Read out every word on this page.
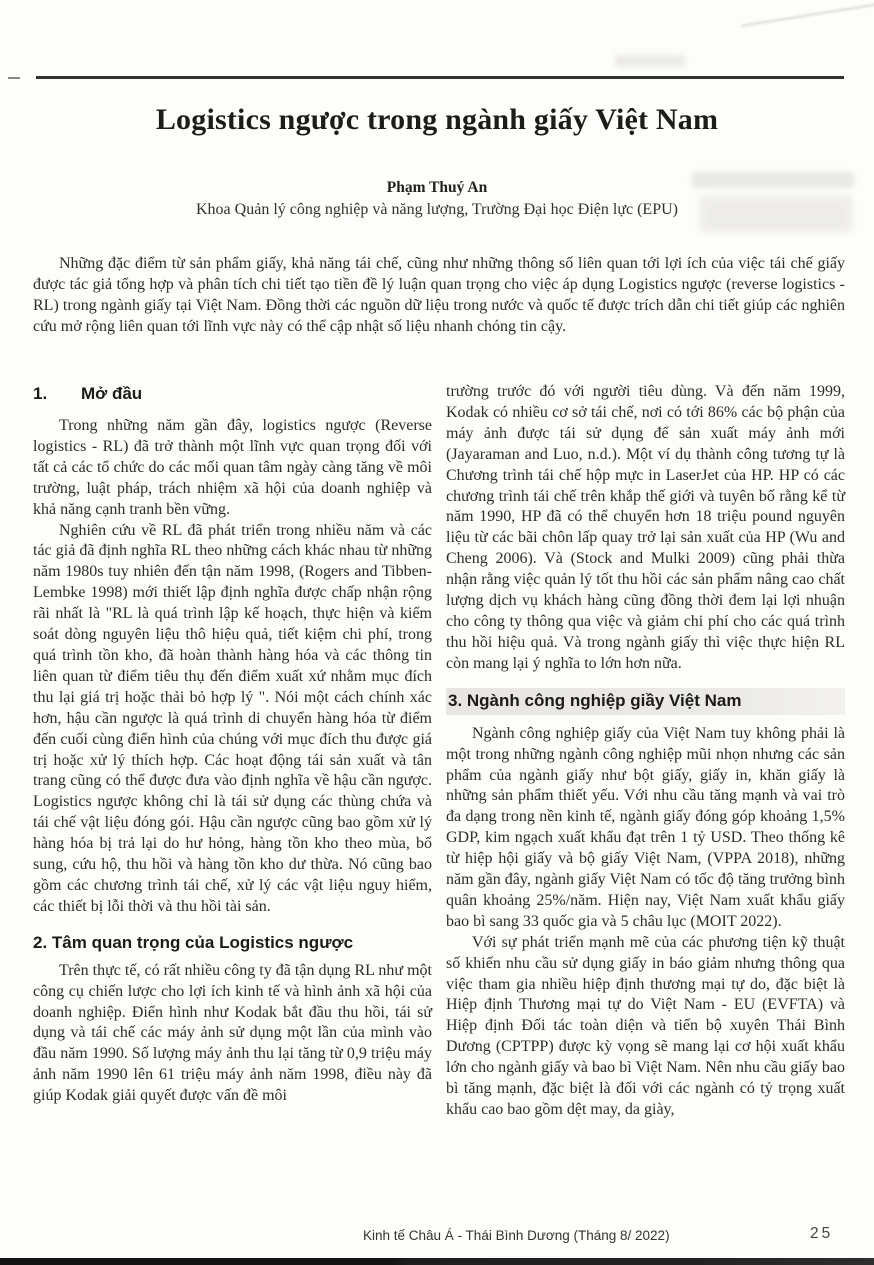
Logistics ngược trong ngành giấy Việt Nam
Phạm Thuý An
Khoa Quản lý công nghiệp và năng lượng, Trường Đại học Điện lực (EPU)

Những đặc điểm từ sản phẩm giấy, khả năng tái chế, cũng như những thông số liên quan tới lợi ích của việc tái chế giấy được tác giả tổng hợp và phân tích chi tiết tạo tiền đề lý luận quan trọng cho việc áp dụng Logistics ngược (reverse logistics - RL) trong ngành giấy tại Việt Nam. Đồng thời các nguồn dữ liệu trong nước và quốc tế được trích dẫn chi tiết giúp các nghiên cứu mở rộng liên quan tới lĩnh vực này có thể cập nhật số liệu nhanh chóng tin cậy.

1. Mở đầu

Trong những năm gần đây, logistics ngược (Reverse logistics - RL) đã trở thành một lĩnh vực quan trọng đối với tất cả các tổ chức do các mối quan tâm ngày càng tăng về môi trường, luật pháp, trách nhiệm xã hội của doanh nghiệp và khả năng cạnh tranh bền vững.

Nghiên cứu về RL đã phát triển trong nhiều năm và các tác giả đã định nghĩa RL theo những cách khác nhau từ những năm 1980s tuy nhiên đến tận năm 1998, (Rogers and Tibben-Lembke 1998) mới thiết lập định nghĩa được chấp nhận rộng rãi nhất là "RL là quá trình lập kế hoạch, thực hiện và kiểm soát dòng nguyên liệu thô hiệu quả, tiết kiệm chi phí, trong quá trình tồn kho, đã hoàn thành hàng hóa và các thông tin liên quan từ điểm tiêu thụ đến điểm xuất xứ nhằm mục đích thu lại giá trị hoặc thải bỏ hợp lý ". Nói một cách chính xác hơn, hậu cần ngược là quá trình di chuyển hàng hóa từ điểm đến cuối cùng điển hình của chúng với mục đích thu được giá trị hoặc xử lý thích hợp. Các hoạt động tái sản xuất và tân trang cũng có thể được đưa vào định nghĩa về hậu cần ngược. Logistics ngược không chỉ là tái sử dụng các thùng chứa và tái chế vật liệu đóng gói. Hậu cần ngược cũng bao gồm xử lý hàng hóa bị trả lại do hư hỏng, hàng tồn kho theo mùa, bổ sung, cứu hộ, thu hồi và hàng tồn kho dư thừa. Nó cũng bao gồm các chương trình tái chế, xử lý các vật liệu nguy hiểm, các thiết bị lỗi thời và thu hồi tài sản.

2. Tâm quan trọng của Logistics ngược

Trên thực tế, có rất nhiều công ty đã tận dụng RL như một công cụ chiến lược cho lợi ích kinh tế và hình ảnh xã hội của doanh nghiệp. Điển hình như Kodak bắt đầu thu hồi, tái sử dụng và tái chế các máy ảnh sử dụng một lần của mình vào đầu năm 1990. Số lượng máy ảnh thu lại tăng từ 0,9 triệu máy ảnh năm 1990 lên 61 triệu máy ảnh năm 1998, điều này đã giúp Kodak giải quyết được vấn đề môi

trường trước đó với người tiêu dùng. Và đến năm 1999, Kodak có nhiều cơ sở tái chế, nơi có tới 86% các bộ phận của máy ảnh được tái sử dụng để sản xuất máy ảnh mới (Jayaraman and Luo, n.d.). Một ví dụ thành công tương tự là Chương trình tái chế hộp mực in LaserJet của HP. HP có các chương trình tái chế trên khắp thế giới và tuyên bố rằng kể từ năm 1990, HP đã có thể chuyển hơn 18 triệu pound nguyên liệu từ các bãi chôn lấp quay trở lại sản xuất của HP (Wu and Cheng 2006). Và (Stock and Mulki 2009) cũng phải thừa nhận rằng việc quản lý tốt thu hồi các sản phẩm nâng cao chất lượng dịch vụ khách hàng cũng đồng thời đem lại lợi nhuận cho công ty thông qua việc và giảm chi phí cho các quá trình thu hồi hiệu quả. Và trong ngành giấy thì việc thực hiện RL còn mang lại ý nghĩa to lớn hơn nữa.

3. Ngành công nghiệp giầy Việt Nam

Ngành công nghiệp giấy của Việt Nam tuy không phải là một trong những ngành công nghiệp mũi nhọn nhưng các sản phẩm của ngành giấy như bột giấy, giấy in, khăn giấy là những sản phẩm thiết yếu. Với nhu cầu tăng mạnh và vai trò đa dạng trong nền kinh tế, ngành giấy đóng góp khoảng 1,5% GDP, kim ngạch xuất khẩu đạt trên 1 tỷ USD. Theo thống kê từ hiệp hội giấy và bộ giấy Việt Nam, (VPPA 2018), những năm gần đây, ngành giấy Việt Nam có tốc độ tăng trưởng bình quân khoảng 25%/năm. Hiện nay, Việt Nam xuất khẩu giấy bao bì sang 33 quốc gia và 5 châu lục (MOIT 2022).

Với sự phát triển mạnh mẽ của các phương tiện kỹ thuật số khiến nhu cầu sử dụng giấy in báo giảm nhưng thông qua việc tham gia nhiều hiệp định thương mại tự do, đặc biệt là Hiệp định Thương mại tự do Việt Nam - EU (EVFTA) và Hiệp định Đối tác toàn diện và tiến bộ xuyên Thái Bình Dương (CPTPP) được kỳ vọng sẽ mang lại cơ hội xuất khẩu lớn cho ngành giấy và bao bì Việt Nam. Nên nhu cầu giấy bao bì tăng mạnh, đặc biệt là đối với các ngành có tỷ trọng xuất khẩu cao bao gồm dệt may, da giày,

Kinh tế Châu Á - Thái Bình Dương (Tháng 8/ 2022)	25
